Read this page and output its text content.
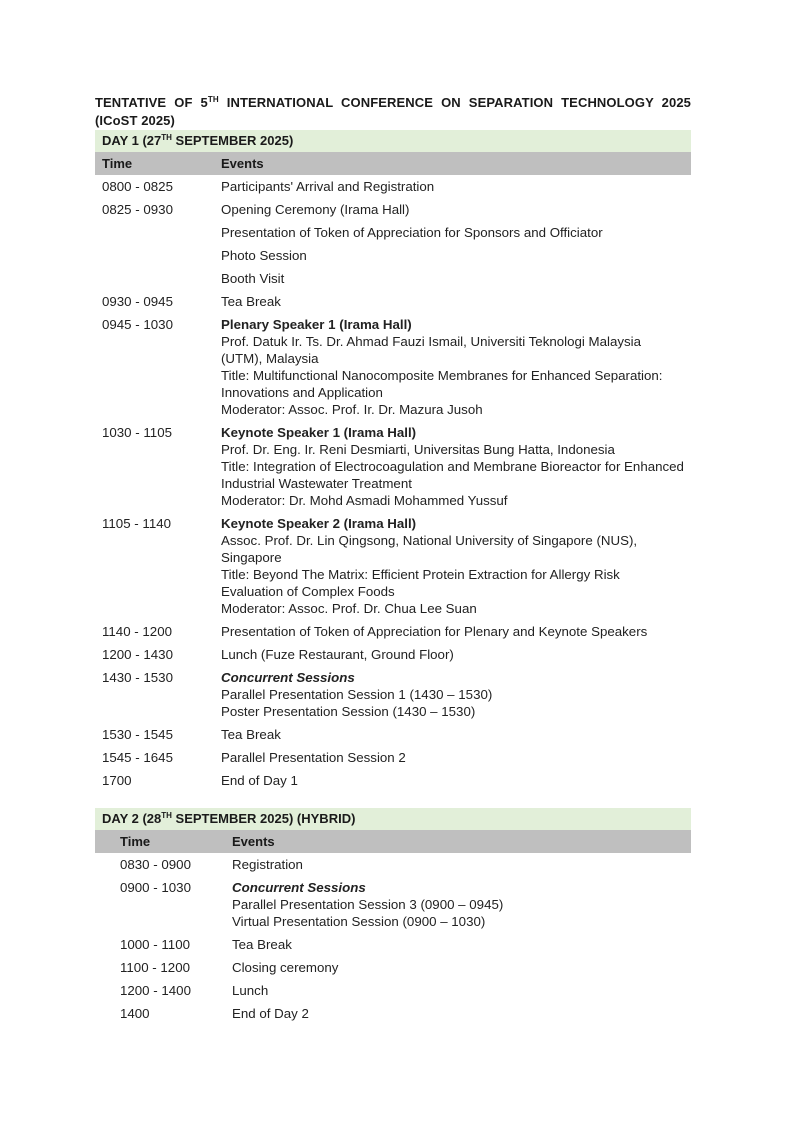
TENTATIVE OF 5TH INTERNATIONAL CONFERENCE ON SEPARATION TECHNOLOGY 2025 (ICoST 2025)
DAY 1 (27TH SEPTEMBER 2025)
Time	Events
0800 - 0825	Participants' Arrival and Registration
0825 - 0930	Opening Ceremony (Irama Hall)
Presentation of Token of Appreciation for Sponsors and Officiator
Photo Session
Booth Visit
0930 - 0945	Tea Break
0945 - 1030	Plenary Speaker 1 (Irama Hall)
Prof. Datuk Ir. Ts. Dr. Ahmad Fauzi Ismail, Universiti Teknologi Malaysia (UTM), Malaysia
Title: Multifunctional Nanocomposite Membranes for Enhanced Separation: Innovations and Application
Moderator: Assoc. Prof. Ir. Dr. Mazura Jusoh
1030 - 1105	Keynote Speaker 1 (Irama Hall)
Prof. Dr. Eng. Ir. Reni Desmiarti, Universitas Bung Hatta, Indonesia
Title: Integration of Electrocoagulation and Membrane Bioreactor for Enhanced Industrial Wastewater Treatment
Moderator: Dr. Mohd Asmadi Mohammed Yussuf
1105 - 1140	Keynote Speaker 2 (Irama Hall)
Assoc. Prof. Dr. Lin Qingsong, National University of Singapore (NUS), Singapore
Title: Beyond The Matrix: Efficient Protein Extraction for Allergy Risk Evaluation of Complex Foods
Moderator: Assoc. Prof. Dr. Chua Lee Suan
1140 - 1200	Presentation of Token of Appreciation for Plenary and Keynote Speakers
1200 - 1430	Lunch (Fuze Restaurant, Ground Floor)
1430 - 1530	Concurrent Sessions
Parallel Presentation Session 1 (1430 – 1530)
Poster Presentation Session (1430 – 1530)
1530 - 1545	Tea Break
1545 - 1645	Parallel Presentation Session 2
1700	End of Day 1
DAY 2 (28TH SEPTEMBER 2025) (HYBRID)
Time	Events
0830 - 0900	Registration
0900 - 1030	Concurrent Sessions
Parallel Presentation Session 3 (0900 – 0945)
Virtual Presentation Session (0900 – 1030)
1000 - 1100	Tea Break
1100 - 1200	Closing ceremony
1200 - 1400	Lunch
1400	End of Day 2
